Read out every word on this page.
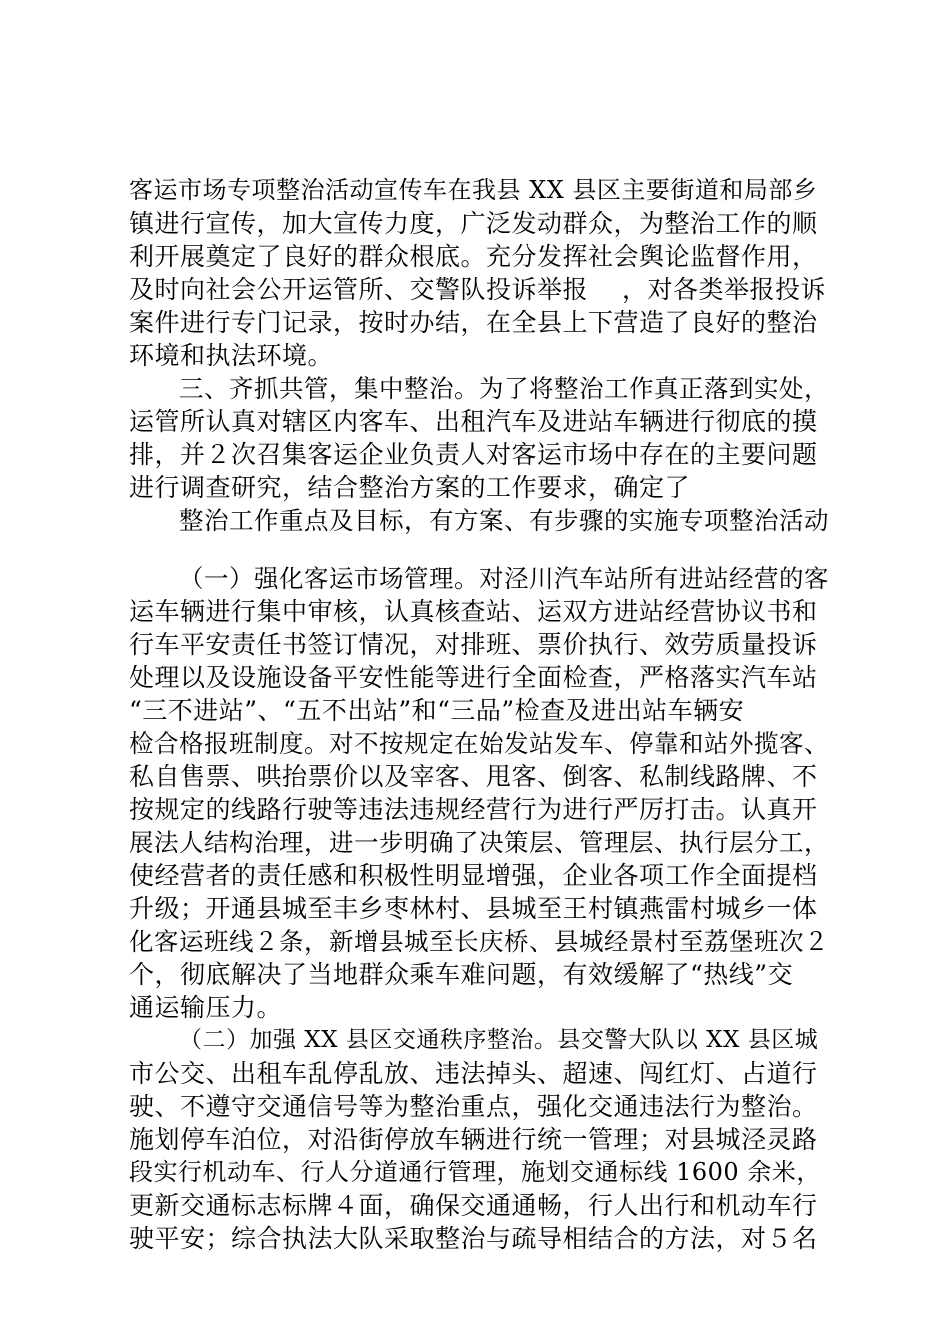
客运市场专项整治活动宣传车在我县 XX 县区主要街道和局部乡
镇进行宣传，加大宣传力度，广泛发动群众，为整治工作的顺
利开展奠定了良好的群众根底。充分发挥社会舆论监督作用，
及时向社会公开运管所、交警队投诉举报　 ，对各类举报投诉
案件进行专门记录，按时办结，在全县上下营造了良好的整治
环境和执法环境。
三、齐抓共管，集中整治。为了将整治工作真正落到实处，
运管所认真对辖区内客车、出租汽车及进站车辆进行彻底的摸
排，并２次召集客运企业负责人对客运市场中存在的主要问题
进行调查研究，结合整治方案的工作要求，确定了
整治工作重点及目标，有方案、有步骤的实施专项整治活动
（一）强化客运市场管理。对泾川汽车站所有进站经营的客
运车辆进行集中审核，认真核查站、运双方进站经营协议书和
行车平安责任书签订情况，对排班、票价执行、效劳质量投诉
处理以及设施设备平安性能等进行全面检查，严格落实汽车站
“三不进站”、“五不出站”和“三品”检查及进出站车辆安
检合格报班制度。对不按规定在始发站发车、停靠和站外揽客、
私自售票、哄抬票价以及宰客、甩客、倒客、私制线路牌、不
按规定的线路行驶等违法违规经营行为进行严厉打击。认真开
展法人结构治理，进一步明确了决策层、管理层、执行层分工，
使经营者的责任感和积极性明显增强，企业各项工作全面提档
升级；开通县城至丰乡枣林村、县城至王村镇燕雷村城乡一体
化客运班线２条，新增县城至长庆桥、县城经景村至荔堡班次２
个，彻底解决了当地群众乘车难问题，有效缓解了“热线”交
通运输压力。
（二）加强 XX 县区交通秩序整治。县交警大队以 XX 县区城
市公交、出租车乱停乱放、违法掉头、超速、闯红灯、占道行
驶、不遵守交通信号等为整治重点，强化交通违法行为整治。
施划停车泊位，对沿街停放车辆进行统一管理；对县城泾灵路
段实行机动车、行人分道通行管理，施划交通标线 1600 余米，
更新交通标志标牌４面，确保交通通畅，行人出行和机动车行
驶平安；综合执法大队采取整治与疏导相结合的方法，对５名
